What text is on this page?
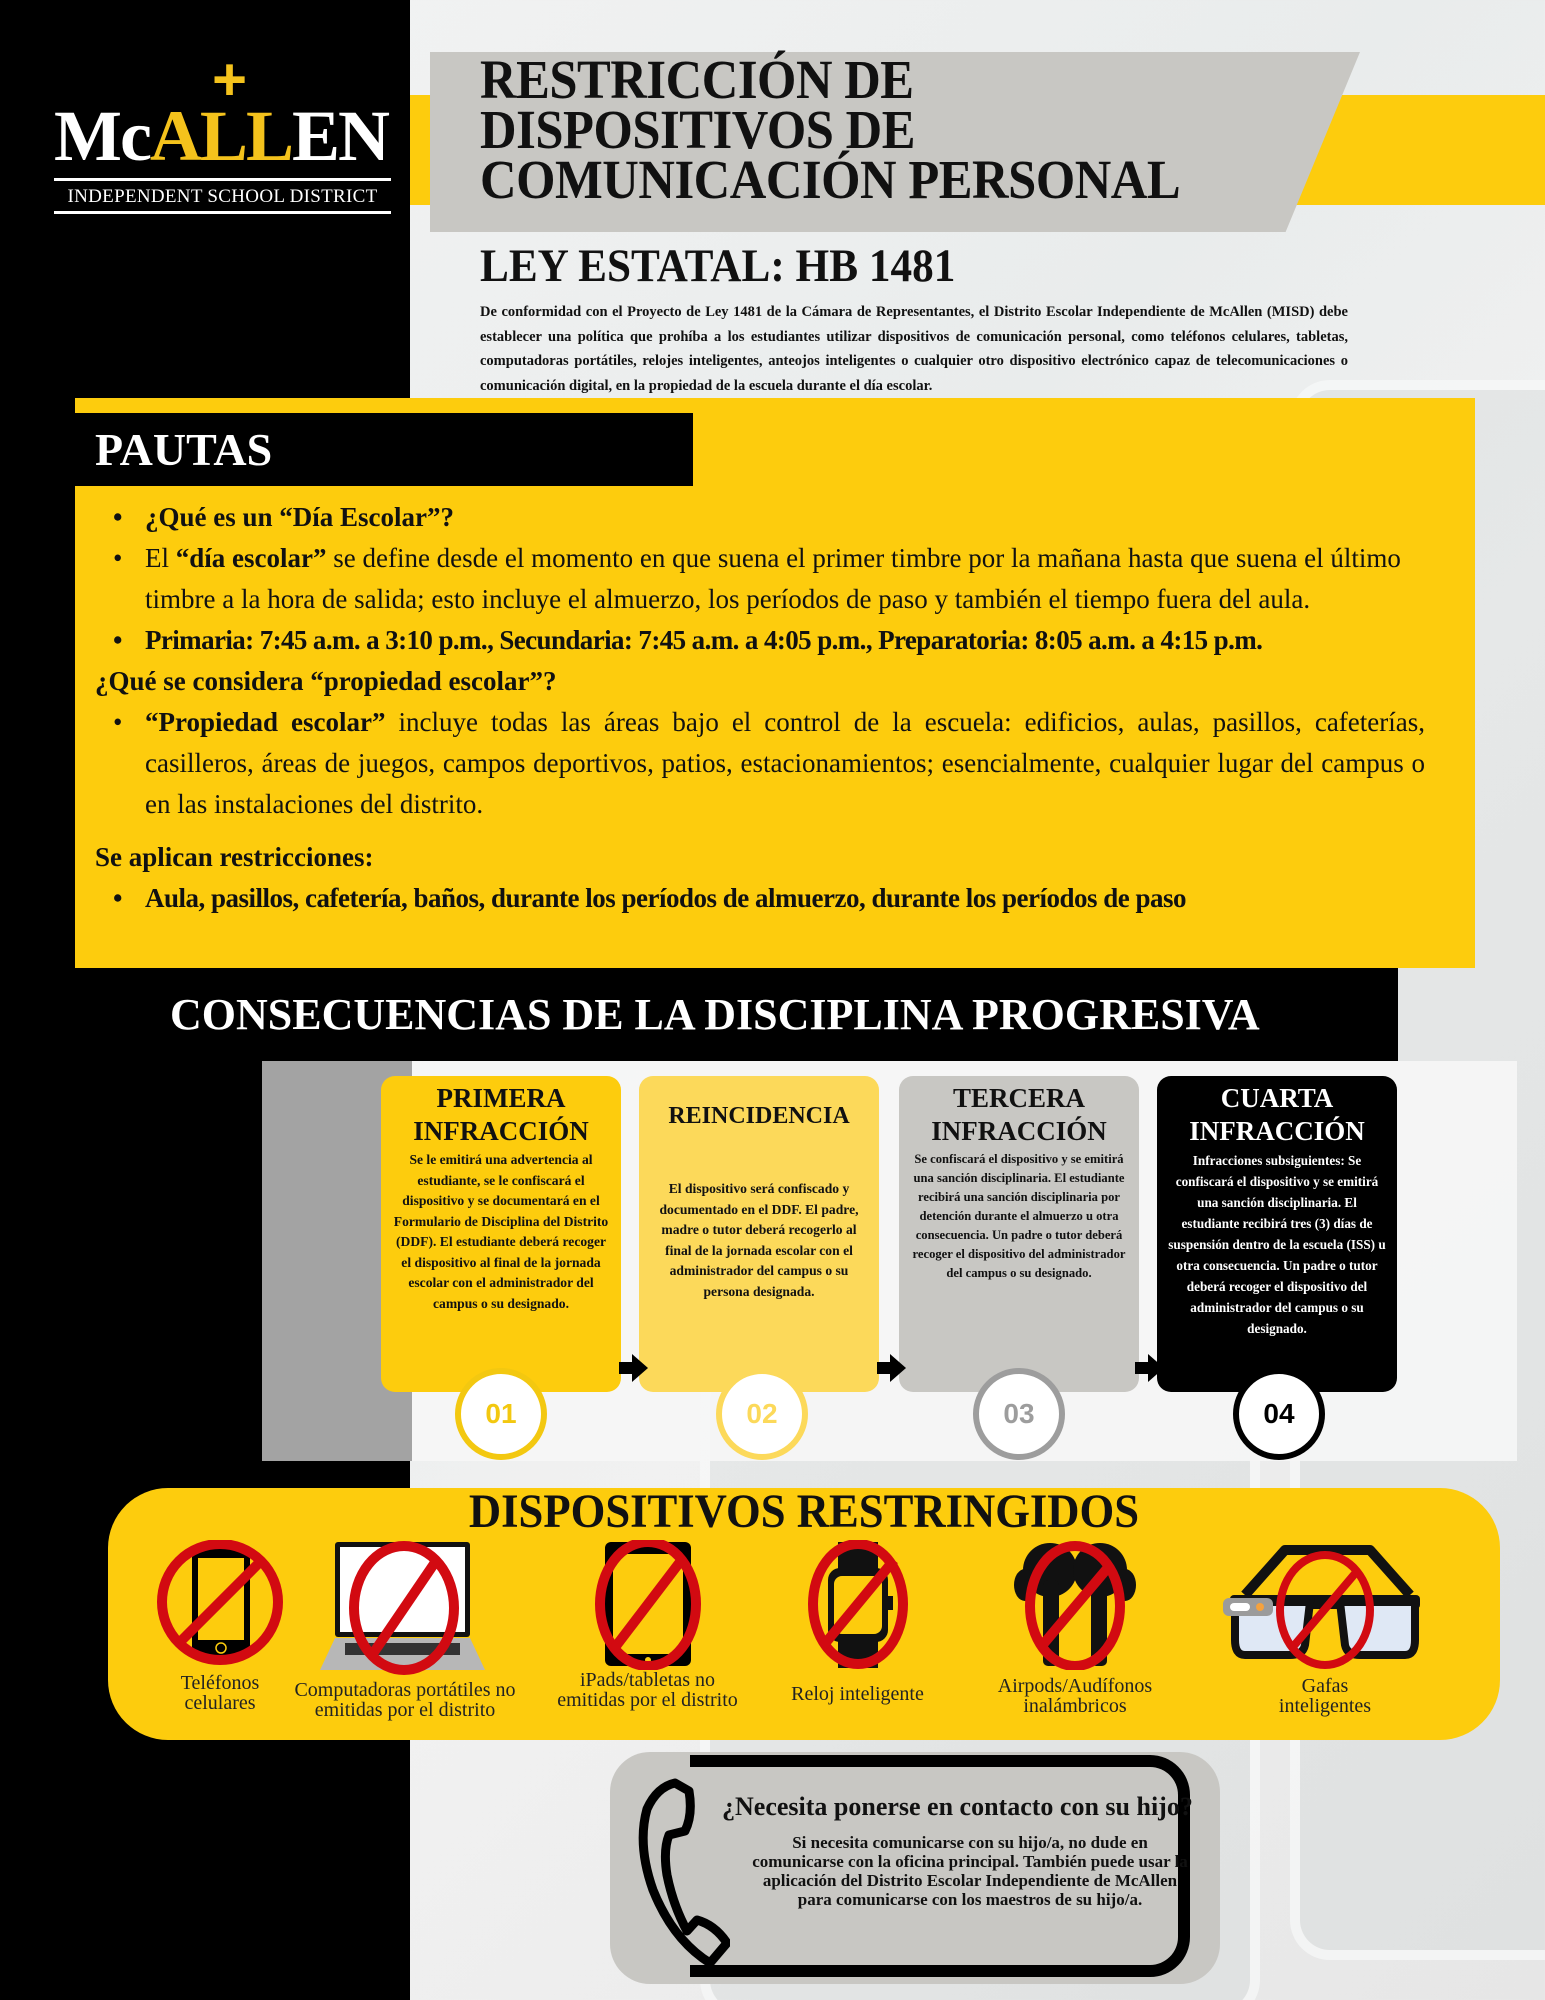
+
McALLEN
INDEPENDENT SCHOOL DISTRICT
RESTRICCIÓN DE
DISPOSITIVOS DE
COMUNICACIÓN PERSONAL
LEY ESTATAL: HB 1481

De conformidad con el Proyecto de Ley 1481 de la Cámara de Representantes, el Distrito Escolar Independiente de McAllen (MISD) debe establecer una política que prohíba a los estudiantes utilizar dispositivos de comunicación personal, como teléfonos celulares, tabletas, computadoras portátiles, relojes inteligentes, anteojos inteligentes o cualquier otro dispositivo electrónico capaz de telecomunicaciones o comunicación digital, en la propiedad de la escuela durante el día escolar.

PAUTAS
• ¿Qué es un “Día Escolar”?
• El “día escolar” se define desde el momento en que suena el primer timbre por la mañana hasta que suena el último timbre a la hora de salida; esto incluye el almuerzo, los períodos de paso y también el tiempo fuera del aula.
• Primaria: 7:45 a.m. a 3:10 p.m., Secundaria: 7:45 a.m. a 4:05 p.m., Preparatoria: 8:05 a.m. a 4:15 p.m.
¿Qué se considera “propiedad escolar”?
• “Propiedad escolar” incluye todas las áreas bajo el control de la escuela: edificios, aulas, pasillos, cafeterías, casilleros, áreas de juegos, campos deportivos, patios, estacionamientos; esencialmente, cualquier lugar del campus o en las instalaciones del distrito.
Se aplican restricciones:
• Aula, pasillos, cafetería, baños, durante los períodos de almuerzo, durante los períodos de paso
CONSECUENCIAS DE LA DISCIPLINA PROGRESIVA
PRIMERA
INFRACCIÓN

Se le emitirá una advertencia al estudiante, se le confiscará el dispositivo y se documentará en el Formulario de Disciplina del Distrito (DDF). El estudiante deberá recoger el dispositivo al final de la jornada escolar con el administrador del campus o su designado.

REINCIDENCIA

El dispositivo será confiscado y documentado en el DDF. El padre, madre o tutor deberá recogerlo al final de la jornada escolar con el administrador del campus o su persona designada.

TERCERA
INFRACCIÓN

Se confiscará el dispositivo y se emitirá una sanción disciplinaria. El estudiante recibirá una sanción disciplinaria por detención durante el almuerzo u otra consecuencia. Un padre o tutor deberá recoger el dispositivo del administrador del campus o su designado.

CUARTA
INFRACCIÓN

Infracciones subsiguientes: Se confiscará el dispositivo y se emitirá una sanción disciplinaria. El estudiante recibirá tres (3) días de suspensión dentro de la escuela (ISS) u otra consecuencia. Un padre o tutor deberá recoger el dispositivo del administrador del campus o su designado.

01	02	03	04
DISPOSITIVOS RESTRINGIDOS
Teléfonos
celulares
Computadoras portátiles no
emitidas por el distrito
iPads/tabletas no
emitidas por el distrito	Reloj inteligente	Airpods/Audífonos
inalámbricos
Gafas
inteligentes
¿Necesita ponerse en contacto con su hijo?

Si necesita comunicarse con su hijo/a, no dude en comunicarse con la oficina principal. También puede usar la aplicación del Distrito Escolar Independiente de McAllen para comunicarse con los maestros de su hijo/a.
